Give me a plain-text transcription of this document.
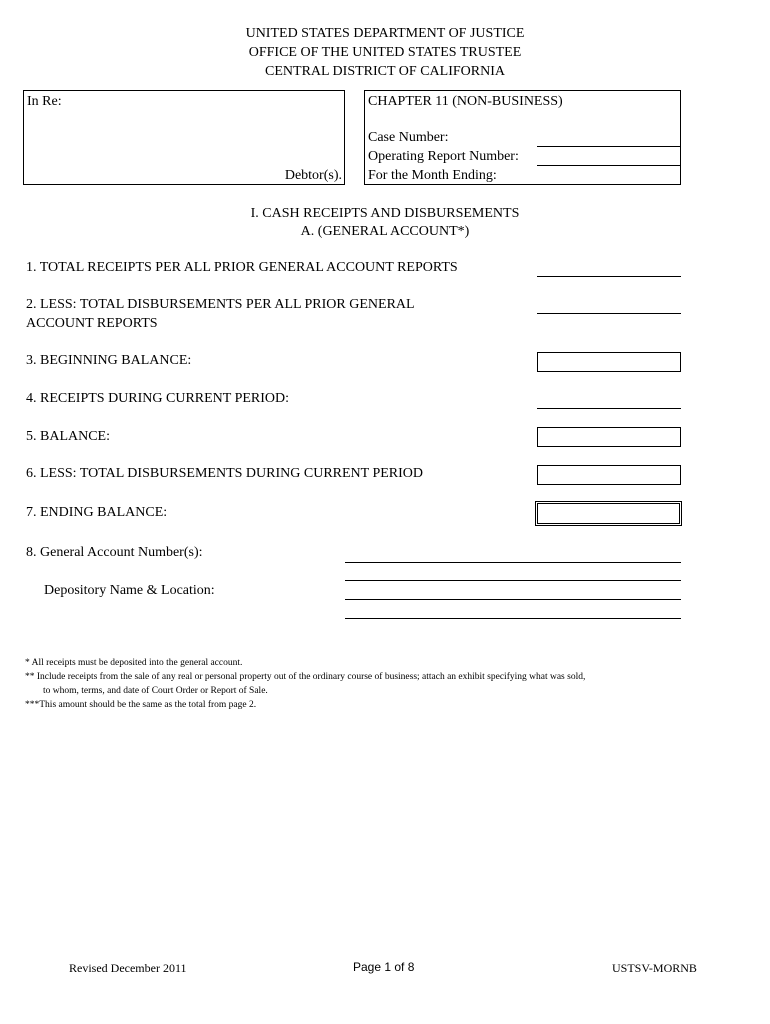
UNITED STATES DEPARTMENT OF JUSTICE
OFFICE OF THE UNITED STATES TRUSTEE
CENTRAL DISTRICT OF CALIFORNIA
In Re:
Debtor(s).
CHAPTER 11 (NON-BUSINESS)
Case Number:
Operating Report Number:
For the Month Ending:
I. CASH RECEIPTS AND DISBURSEMENTS
A. (GENERAL ACCOUNT*)
1. TOTAL RECEIPTS PER ALL PRIOR GENERAL ACCOUNT REPORTS
2. LESS: TOTAL DISBURSEMENTS PER ALL PRIOR GENERAL
ACCOUNT REPORTS
3. BEGINNING BALANCE:
4. RECEIPTS DURING CURRENT PERIOD:
5. BALANCE:
6. LESS: TOTAL DISBURSEMENTS DURING CURRENT PERIOD
7. ENDING BALANCE:
8. General Account Number(s):
Depository Name & Location:
* All receipts must be deposited into the general account.
** Include receipts from the sale of any real or personal property out of the ordinary course of business; attach an exhibit specifying what was sold,
to whom, terms, and date of Court Order or Report of Sale.
***This amount should be the same as the total from page 2.
Revised December 2011	Page 1 of 8	USTSV-MORNB
